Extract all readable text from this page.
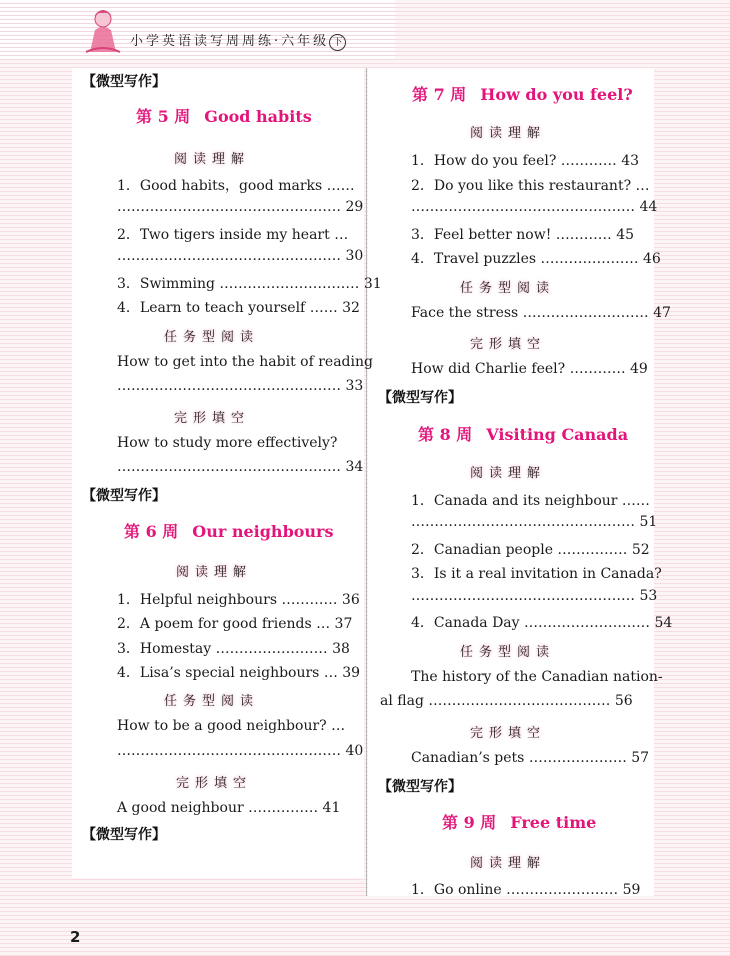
小学英语读写周周练·六年级 下
【微型写作】
第 5 周 Good habits
阅读理解
1．Good habits，good marks ……
………………………………………… 29
2．Two tigers inside my heart …
………………………………………… 30
3．Swimming ………………………… 31
4．Learn to teach yourself …… 32
任务型阅读
How to get into the habit of reading
………………………………………… 33
完形填空
How to study more effectively?
………………………………………… 34
【微型写作】
第 6 周 Our neighbours
阅读理解
1．Helpful neighbours ………… 36
2．A poem for good friends … 37
3．Homestay …………………… 38
4．Lisa’s special neighbours … 39
任务型阅读
How to be a good neighbour? …
………………………………………… 40
完形填空
A good neighbour …………… 41
【微型写作】
第 7 周 How do you feel?
阅读理解
1．How do you feel? ………… 43
2．Do you like this restaurant? …
………………………………………… 44
3．Feel better now! ………… 45
4．Travel puzzles ………………… 46
任务型阅读
Face the stress ……………………… 47
完形填空
How did Charlie feel? ………… 49
【微型写作】
第 8 周 Visiting Canada
阅读理解
1．Canada and its neighbour ……
………………………………………… 51
2．Canadian people …………… 52
3．Is it a real invitation in Canada?
………………………………………… 53
4．Canada Day ……………………… 54
任务型阅读
The history of the Canadian nation-
al flag ………………………………… 56
完形填空
Canadian’s pets ………………… 57
【微型写作】
第 9 周 Free time
阅读理解
1．Go online …………………… 59
2
